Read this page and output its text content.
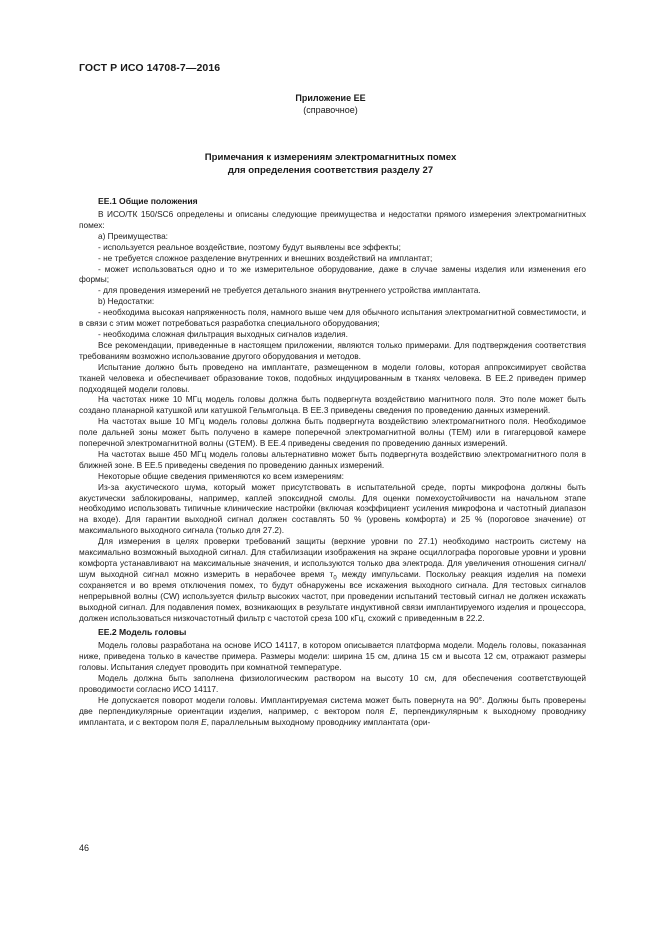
ГОСТ Р ИСО 14708-7—2016
Приложение ЕЕ
(справочное)
Примечания к измерениям электромагнитных помех
для определения соответствия разделу 27
ЕЕ.1 Общие положения

В ИСО/ТК 150/SC6 определены и описаны следующие преимущества и недостатки прямого измерения электромагнитных помех:

а) Преимущества:

- используется реальное воздействие, поэтому будут выявлены все эффекты;

- не требуется сложное разделение внутренних и внешних воздействий на имплантат;

- может использоваться одно и то же измерительное оборудование, даже в случае замены изделия или изменения его формы;

- для проведения измерений не требуется детального знания внутреннего устройства имплантата.

b) Недостатки:

- необходима высокая напряженность поля, намного выше чем для обычного испытания электромагнитной совместимости, и в связи с этим может потребоваться разработка специального оборудования;

- необходима сложная фильтрация выходных сигналов изделия.

Все рекомендации, приведенные в настоящем приложении, являются только примерами. Для подтверждения соответствия требованиям возможно использование другого оборудования и методов.

Испытание должно быть проведено на имплантате, размещенном в модели головы, которая аппроксимирует свойства тканей человека и обеспечивает образование токов, подобных индуцированным в тканях человека. В ЕЕ.2 приведен пример подходящей модели головы.

На частотах ниже 10 МГц модель головы должна быть подвергнута воздействию магнитного поля. Это поле может быть создано планарной катушкой или катушкой Гельмгольца. В ЕЕ.3 приведены сведения по проведению данных измерений.

На частотах выше 10 МГц модель головы должна быть подвергнута воздействию электромагнитного поля. Необходимое поле дальней зоны может быть получено в камере поперечной электромагнитной волны (ТЕМ) или в гигагерцовой камере поперечной электромагнитной волны (GTEM). В ЕЕ.4 приведены сведения по проведению данных измерений.

На частотах выше 450 МГц модель головы альтернативно может быть подвергнута воздействию электромагнитного поля в ближней зоне. В ЕЕ.5 приведены сведения по проведению данных измерений.

Некоторые общие сведения применяются ко всем измерениям:

Из-за акустического шума, который может присутствовать в испытательной среде, порты микрофона должны быть акустически заблокированы, например, каплей эпоксидной смолы. Для оценки помехоустойчивости на начальном этапе необходимо использовать типичные клинические настройки (включая коэффициент усиления микрофона и частотный диапазон на входе). Для гарантии выходной сигнал должен составлять 50 % (уровень комфорта) и 25 % (пороговое значение) от максимального выходного сигнала (только для 27.2).

Для измерения в целях проверки требований защиты (верхние уровни по 27.1) необходимо настроить систему на максимально возможный выходной сигнал. Для стабилизации изображения на экране осциллографа пороговые уровни и уровни комфорта устанавливают на максимальные значения, и используются только два электрода. Для увеличения отношения сигнал/шум выходной сигнал можно измерить в нерабочее время $т_0$ между импульсами. Поскольку реакция изделия на помехи сохраняется и во время отключения помех, то будут обнаружены все искажения выходного сигнала. Для тестовых сигналов непрерывной волны (CW) используется фильтр высоких частот, при проведении испытаний тестовый сигнал не должен искажать выходной сигнал. Для подавления помех, возникающих в результате индуктивной связи имплантируемого изделия и процессора, должен использоваться низкочастотный фильтр с частотой среза 100 кГц, схожий с приведенным в 22.2.

ЕЕ.2 Модель головы

Модель головы разработана на основе ИСО 14117, в котором описывается платформа модели. Модель головы, показанная ниже, приведена только в качестве примера. Размеры модели: ширина 15 см, длина 15 см и высота 12 см, отражают размеры головы. Испытания следует проводить при комнатной температуре.

Модель должна быть заполнена физиологическим раствором на высоту 10 см, для обеспечения соответствующей проводимости согласно ИСО 14117.

Не допускается поворот модели головы. Имплантируемая система может быть повернута на 90°. Должны быть проверены две перпендикулярные ориентации изделия, например, с вектором поля Е, перпендикулярным к выходному проводнику имплантата, и с вектором поля Е, параллельным выходному проводнику имплантата (ори-

46
